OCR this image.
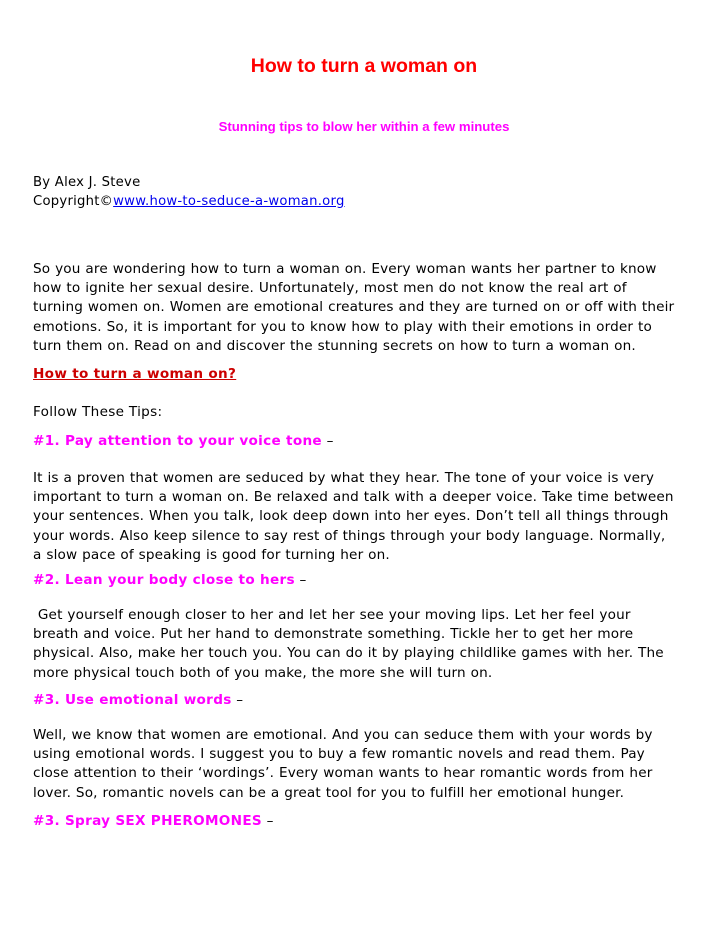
How to turn a woman on
Stunning tips to blow her within a few minutes
By Alex J. Steve
Copyright©www.how-to-seduce-a-woman.org

So you are wondering how to turn a woman on. Every woman wants her partner to know

how to ignite her sexual desire. Unfortunately, most men do not know the real art of

turning women on. Women are emotional creatures and they are turned on or off with their

emotions. So, it is important for you to know how to play with their emotions in order to

turn them on. Read on and discover the stunning secrets on how to turn a woman on.

How to turn a woman on?
Follow These Tips:
#1. Pay attention to your voice tone –

It is a proven that women are seduced by what they hear. The tone of your voice is very

important to turn a woman on. Be relaxed and talk with a deeper voice. Take time between

your sentences. When you talk, look deep down into her eyes. Don’t tell all things through

your words. Also keep silence to say rest of things through your body language. Normally,

a slow pace of speaking is good for turning her on.

#2. Lean your body close to hers –

Get yourself enough closer to her and let her see your moving lips. Let her feel your

breath and voice. Put her hand to demonstrate something. Tickle her to get her more

physical. Also, make her touch you. You can do it by playing childlike games with her. The

more physical touch both of you make, the more she will turn on.

#3. Use emotional words –

Well, we know that women are emotional. And you can seduce them with your words by

using emotional words. I suggest you to buy a few romantic novels and read them. Pay

close attention to their ‘wordings’. Every woman wants to hear romantic words from her

lover. So, romantic novels can be a great tool for you to fulfill her emotional hunger.

#3. Spray SEX PHEROMONES –
